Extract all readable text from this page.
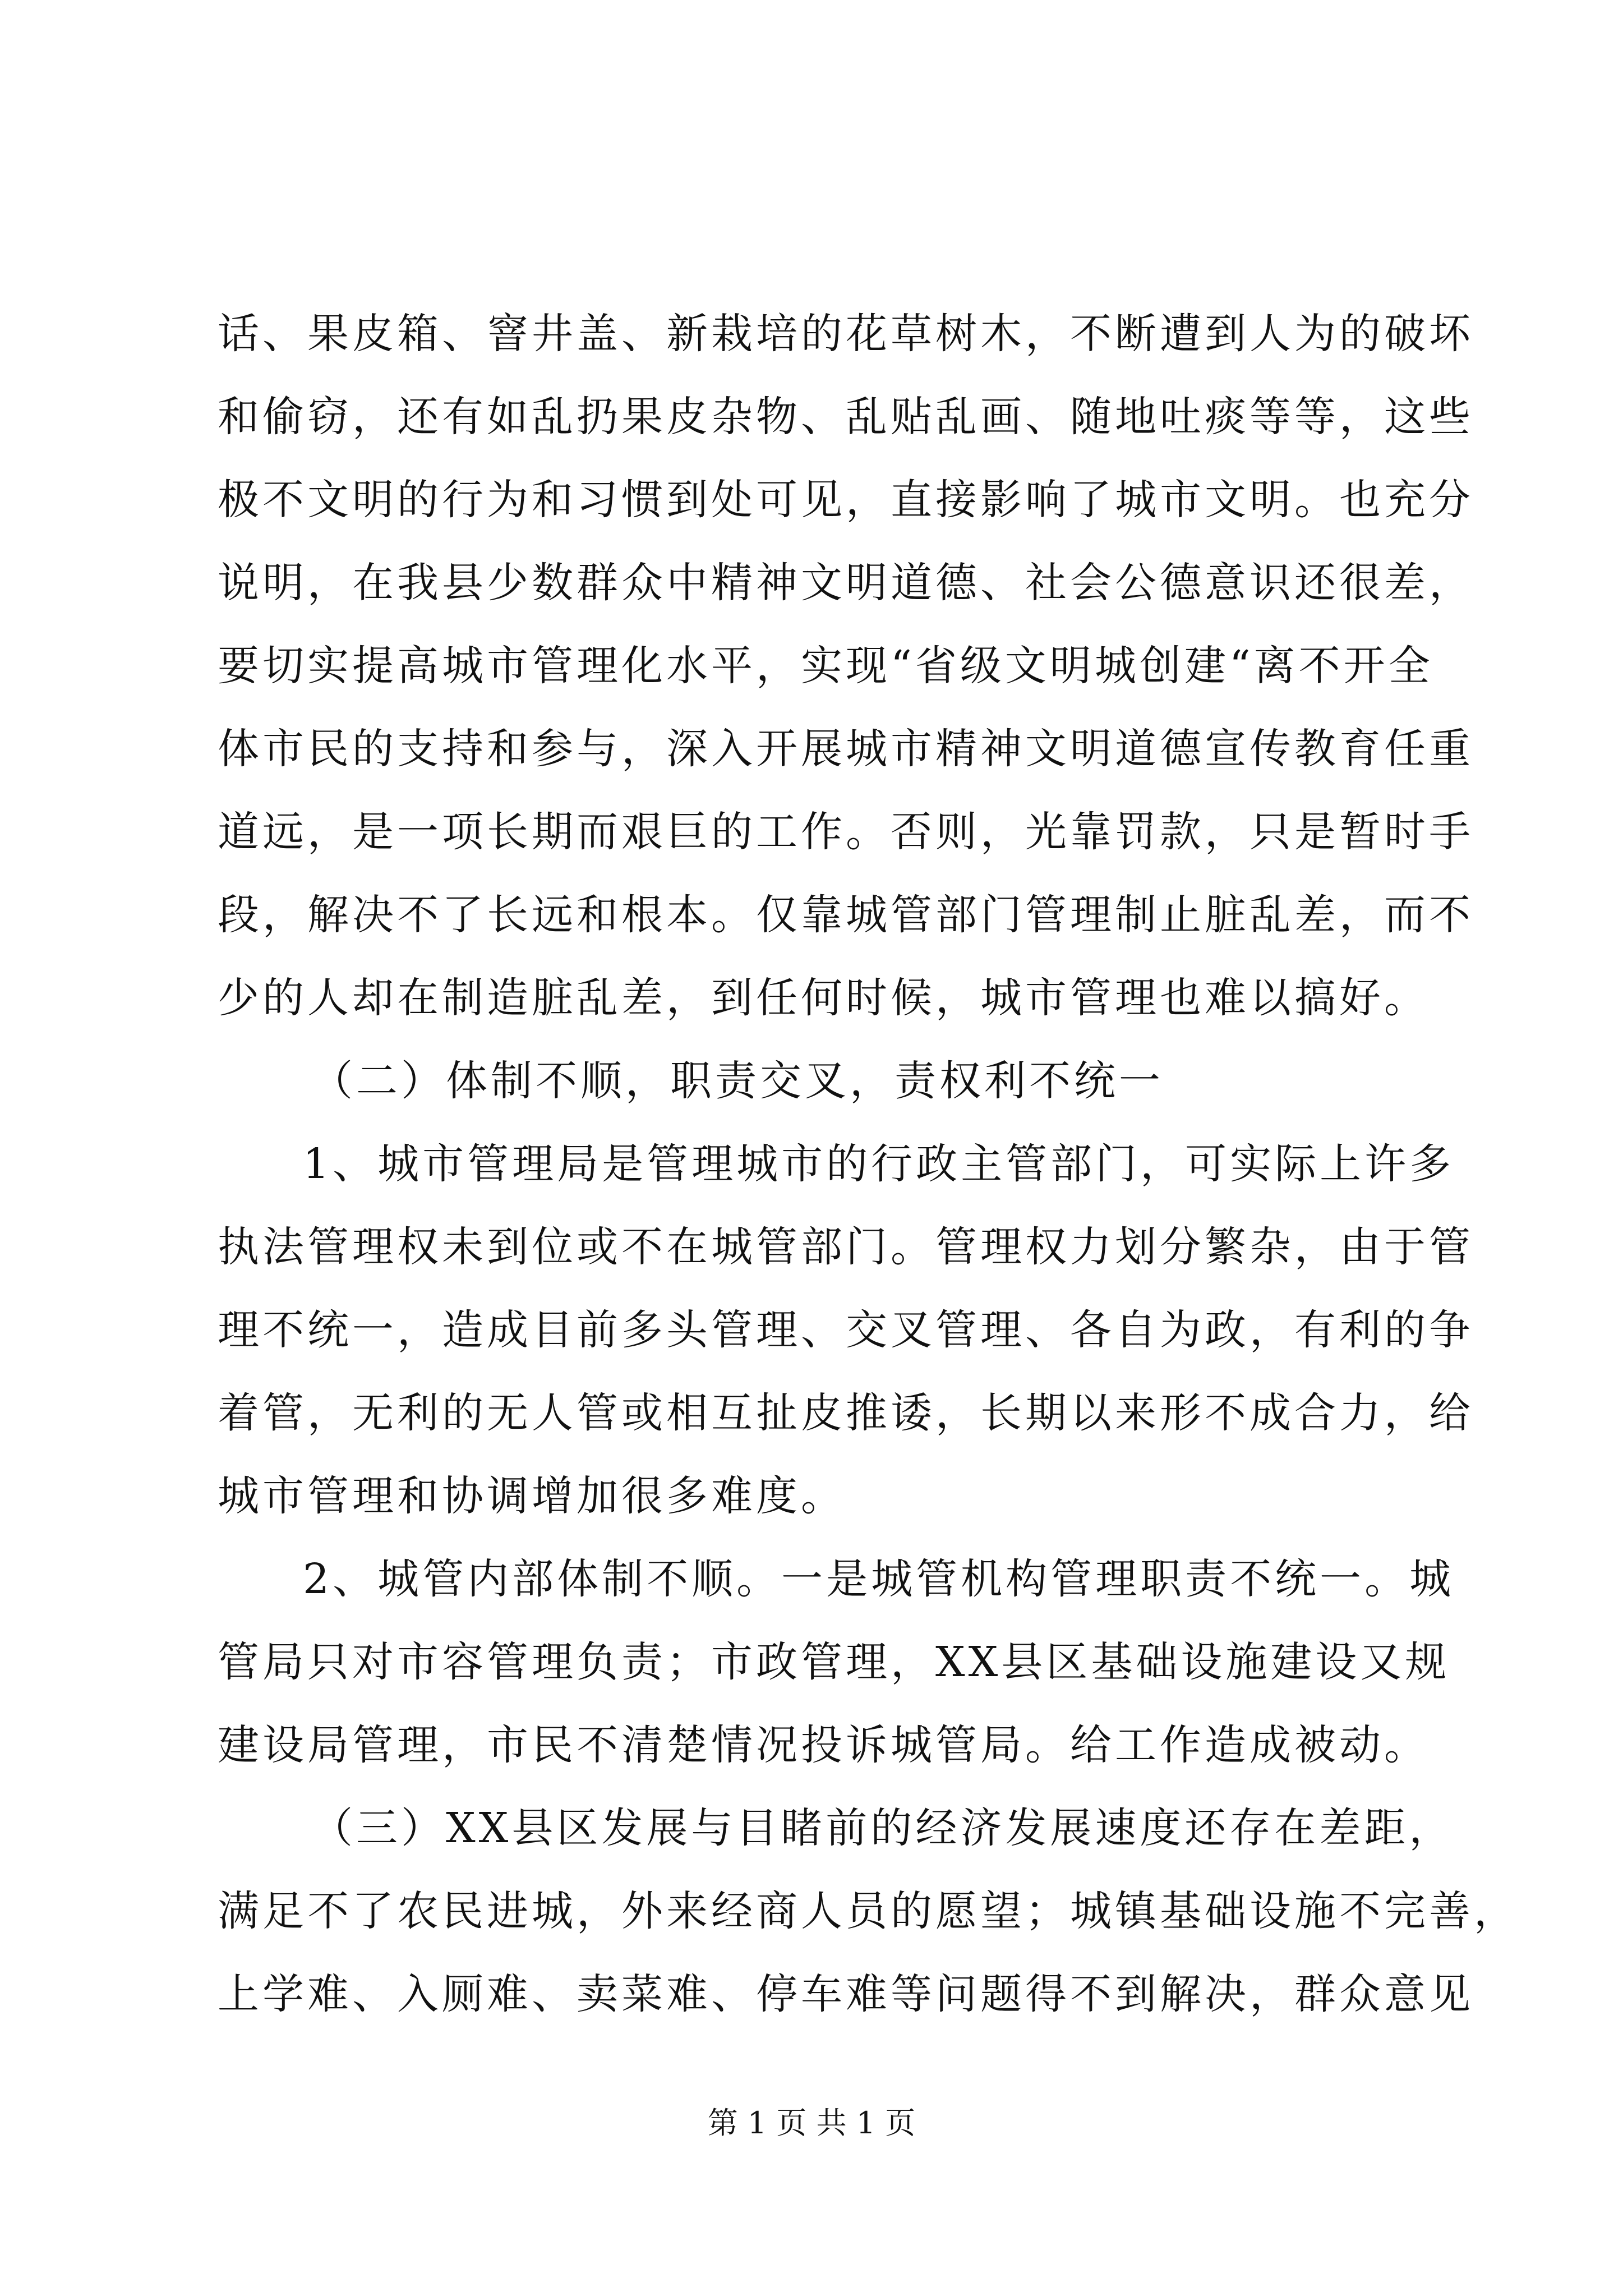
话、果皮箱、窨井盖、新栽培的花草树木，不断遭到人为的破坏
和偷窃，还有如乱扔果皮杂物、乱贴乱画、随地吐痰等等，这些
极不文明的行为和习惯到处可见，直接影响了城市文明。也充分
说明，在我县少数群众中精神文明道德、社会公德意识还很差，
要切实提高城市管理化水平，实现“省级文明城创建“离不开全
体市民的支持和参与，深入开展城市精神文明道德宣传教育任重
道远，是一项长期而艰巨的工作。否则，光靠罚款，只是暂时手
段，解决不了长远和根本。仅靠城管部门管理制止脏乱差，而不
少的人却在制造脏乱差，到任何时候，城市管理也难以搞好。
（二）体制不顺，职责交叉，责权利不统一
1、城市管理局是管理城市的行政主管部门，可实际上许多
执法管理权未到位或不在城管部门。管理权力划分繁杂，由于管
理不统一，造成目前多头管理、交叉管理、各自为政，有利的争
着管，无利的无人管或相互扯皮推诿，长期以来形不成合力，给
城市管理和协调增加很多难度。
2、城管内部体制不顺。一是城管机构管理职责不统一。城
管局只对市容管理负责；市政管理，XX县区基础设施建设又规
建设局管理，市民不清楚情况投诉城管局。给工作造成被动。
（三）XX县区发展与目睹前的经济发展速度还存在差距，
满足不了农民进城，外来经商人员的愿望；城镇基础设施不完善，
上学难、入厕难、卖菜难、停车难等问题得不到解决，群众意见
第 1 页 共 1 页
